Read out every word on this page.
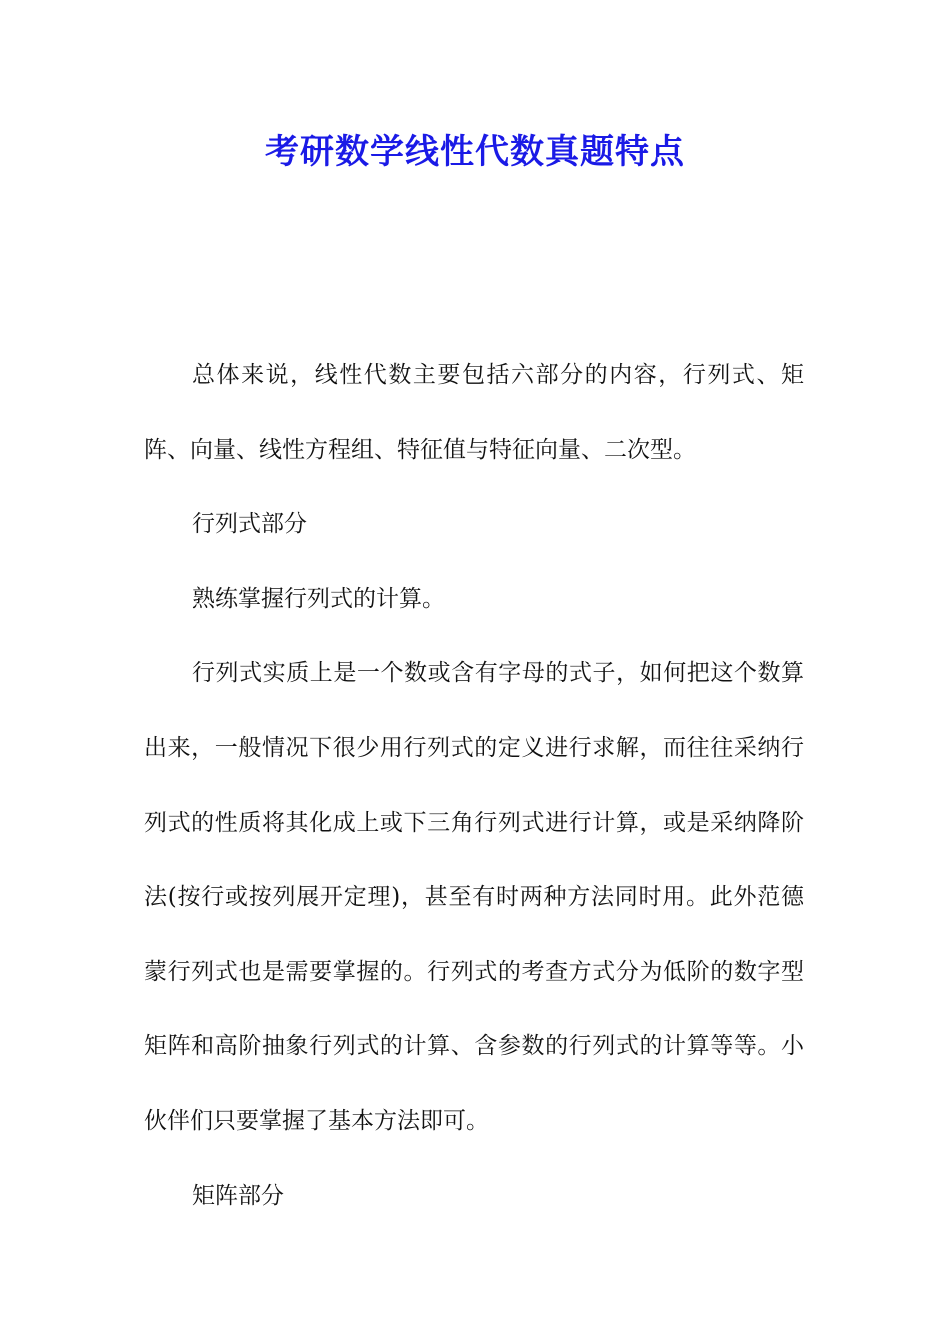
考研数学线性代数真题特点

总体来说，线性代数主要包括六部分的内容，行列式、矩阵、向量、线性方程组、特征值与特征向量、二次型。

行列式部分

熟练掌握行列式的计算。

行列式实质上是一个数或含有字母的式子，如何把这个数算出来，一般情况下很少用行列式的定义进行求解，而往往采纳行列式的性质将其化成上或下三角行列式进行计算，或是采纳降阶法(按行或按列展开定理)，甚至有时两种方法同时用。此外范德蒙行列式也是需要掌握的。行列式的考查方式分为低阶的数字型矩阵和高阶抽象行列式的计算、含参数的行列式的计算等等。小伙伴们只要掌握了基本方法即可。

矩阵部分
